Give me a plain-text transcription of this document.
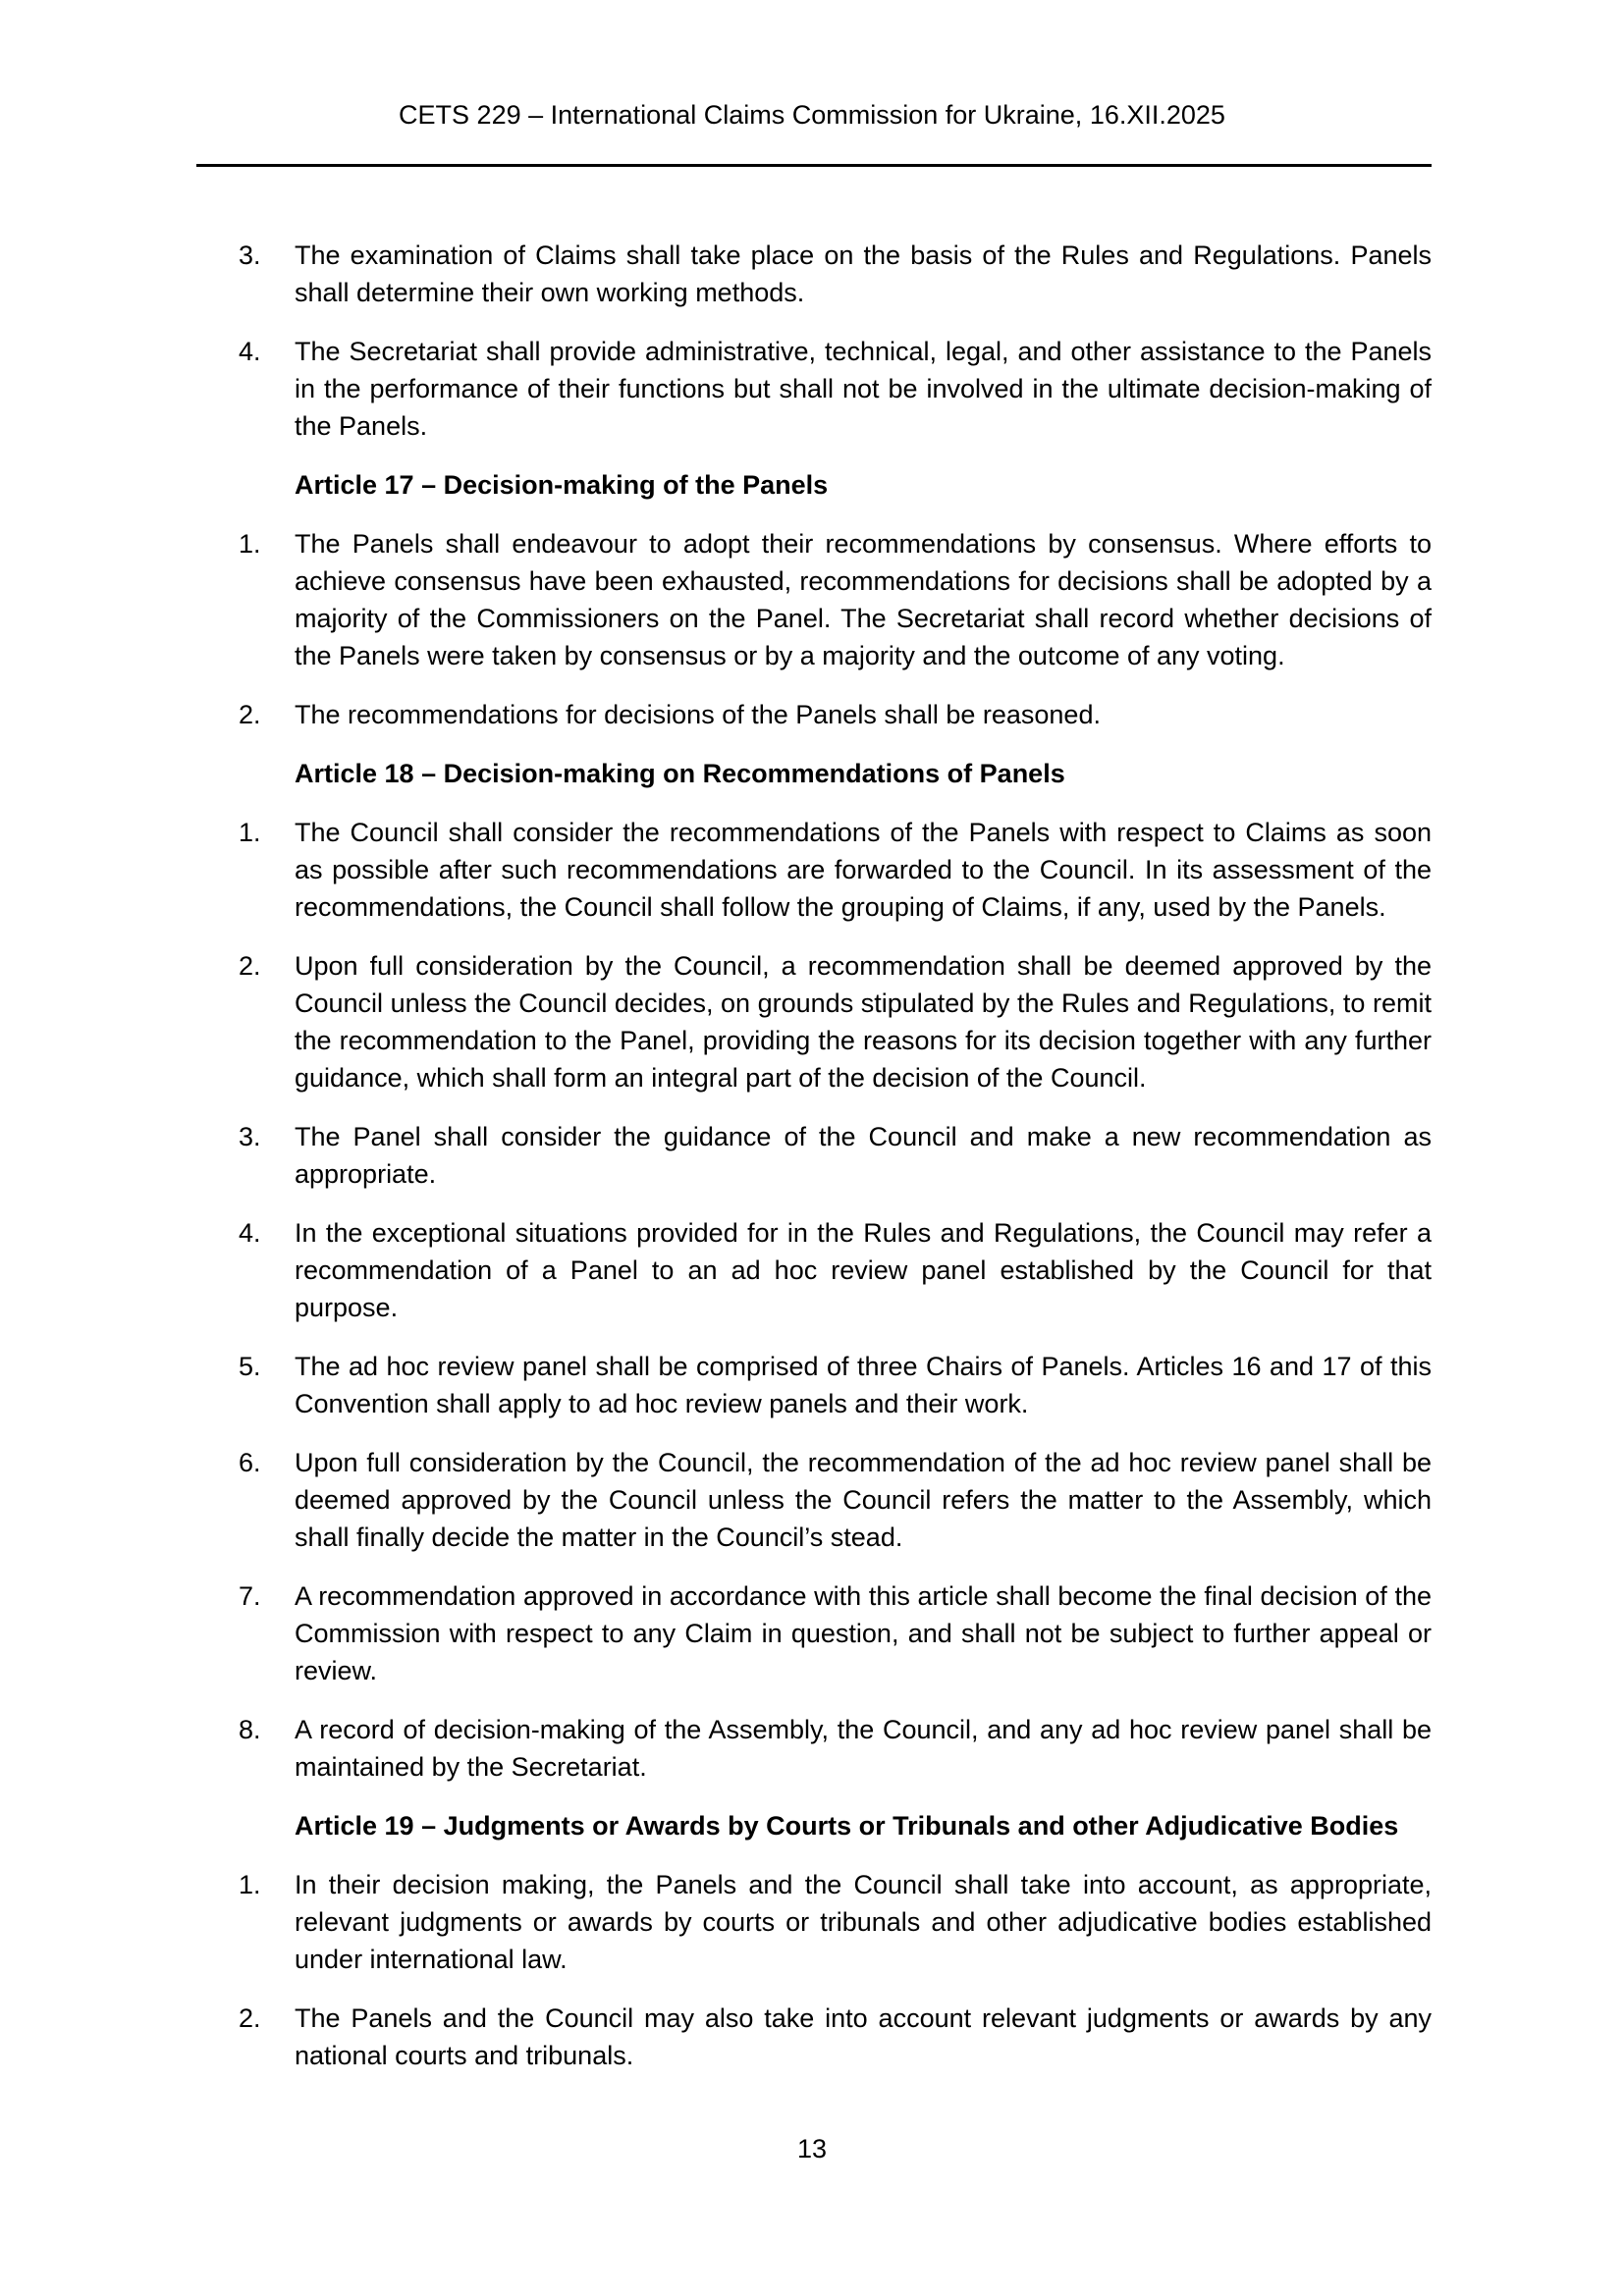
CETS 229 – International Claims Commission for Ukraine, 16.XII.2025
3.	The examination of Claims shall take place on the basis of the Rules and Regulations. Panels shall determine their own working methods.
4.	The Secretariat shall provide administrative, technical, legal, and other assistance to the Panels in the performance of their functions but shall not be involved in the ultimate decision-making of the Panels.
Article 17 – Decision-making of the Panels
1.	The Panels shall endeavour to adopt their recommendations by consensus. Where efforts to achieve consensus have been exhausted, recommendations for decisions shall be adopted by a majority of the Commissioners on the Panel. The Secretariat shall record whether decisions of the Panels were taken by consensus or by a majority and the outcome of any voting.
2.	The recommendations for decisions of the Panels shall be reasoned.
Article 18 – Decision-making on Recommendations of Panels
1.	The Council shall consider the recommendations of the Panels with respect to Claims as soon as possible after such recommendations are forwarded to the Council. In its assessment of the recommendations, the Council shall follow the grouping of Claims, if any, used by the Panels.
2.	Upon full consideration by the Council, a recommendation shall be deemed approved by the Council unless the Council decides, on grounds stipulated by the Rules and Regulations, to remit the recommendation to the Panel, providing the reasons for its decision together with any further guidance, which shall form an integral part of the decision of the Council.
3.	The Panel shall consider the guidance of the Council and make a new recommendation as appropriate.
4.	In the exceptional situations provided for in the Rules and Regulations, the Council may refer a recommendation of a Panel to an ad hoc review panel established by the Council for that purpose.
5.	The ad hoc review panel shall be comprised of three Chairs of Panels. Articles 16 and 17 of this Convention shall apply to ad hoc review panels and their work.
6.	Upon full consideration by the Council, the recommendation of the ad hoc review panel shall be deemed approved by the Council unless the Council refers the matter to the Assembly, which shall finally decide the matter in the Council’s stead.
7.	A recommendation approved in accordance with this article shall become the final decision of the Commission with respect to any Claim in question, and shall not be subject to further appeal or review.
8.	A record of decision-making of the Assembly, the Council, and any ad hoc review panel shall be maintained by the Secretariat.
Article 19 – Judgments or Awards by Courts or Tribunals and other Adjudicative Bodies
1.	In their decision making, the Panels and the Council shall take into account, as appropriate, relevant judgments or awards by courts or tribunals and other adjudicative bodies established under international law.
2.	The Panels and the Council may also take into account relevant judgments or awards by any national courts and tribunals.
13
